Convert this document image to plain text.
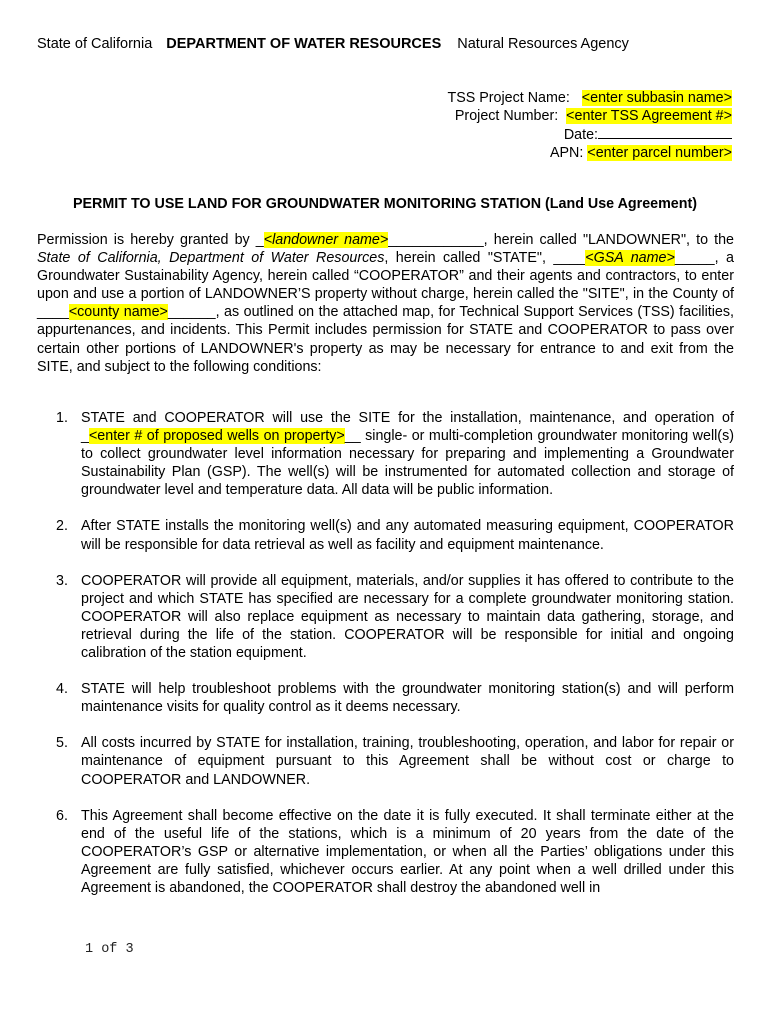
State of California DEPARTMENT OF WATER RESOURCES Natural Resources Agency
TSS Project Name: <enter subbasin name>
Project Number: <enter TSS Agreement #>
Date:
APN: <enter parcel number>
PERMIT TO USE LAND FOR GROUNDWATER MONITORING STATION (Land Use Agreement)

Permission is hereby granted by _<landowner name>____________, herein called "LANDOWNER", to the State of California, Department of Water Resources, herein called "STATE", ____<GSA name>_____, a Groundwater Sustainability Agency, herein called “COOPERATOR” and their agents and contractors, to enter upon and use a portion of LANDOWNER’S property without charge, herein called the "SITE", in the County of ____<county name>______, as outlined on the attached map, for Technical Support Services (TSS) facilities, appurtenances, and incidents. This Permit includes permission for STATE and COOPERATOR to pass over certain other portions of LANDOWNER's property as may be necessary for entrance to and exit from the SITE, and subject to the following conditions:

1. STATE and COOPERATOR will use the SITE for the installation, maintenance, and operation of _<enter # of proposed wells on property>__ single- or multi-completion groundwater monitoring well(s) to collect groundwater level information necessary for preparing and implementing a Groundwater Sustainability Plan (GSP). The well(s) will be instrumented for automated collection and storage of groundwater level and temperature data. All data will be public information.
2. After STATE installs the monitoring well(s) and any automated measuring equipment, COOPERATOR will be responsible for data retrieval as well as facility and equipment maintenance.
3. COOPERATOR will provide all equipment, materials, and/or supplies it has offered to contribute to the project and which STATE has specified are necessary for a complete groundwater monitoring station. COOPERATOR will also replace equipment as necessary to maintain data gathering, storage, and retrieval during the life of the station. COOPERATOR will be responsible for initial and ongoing calibration of the station equipment.
4. STATE will help troubleshoot problems with the groundwater monitoring station(s) and will perform maintenance visits for quality control as it deems necessary.
5. All costs incurred by STATE for installation, training, troubleshooting, operation, and labor for repair or maintenance of equipment pursuant to this Agreement shall be without cost or charge to COOPERATOR and LANDOWNER.
6. This Agreement shall become effective on the date it is fully executed. It shall terminate either at the end of the useful life of the stations, which is a minimum of 20 years from the date of the COOPERATOR’s GSP or alternative implementation, or when all the Parties’ obligations under this Agreement are fully satisfied, whichever occurs earlier. At any point when a well drilled under this Agreement is abandoned, the COOPERATOR shall destroy the abandoned well in
1 of 3
